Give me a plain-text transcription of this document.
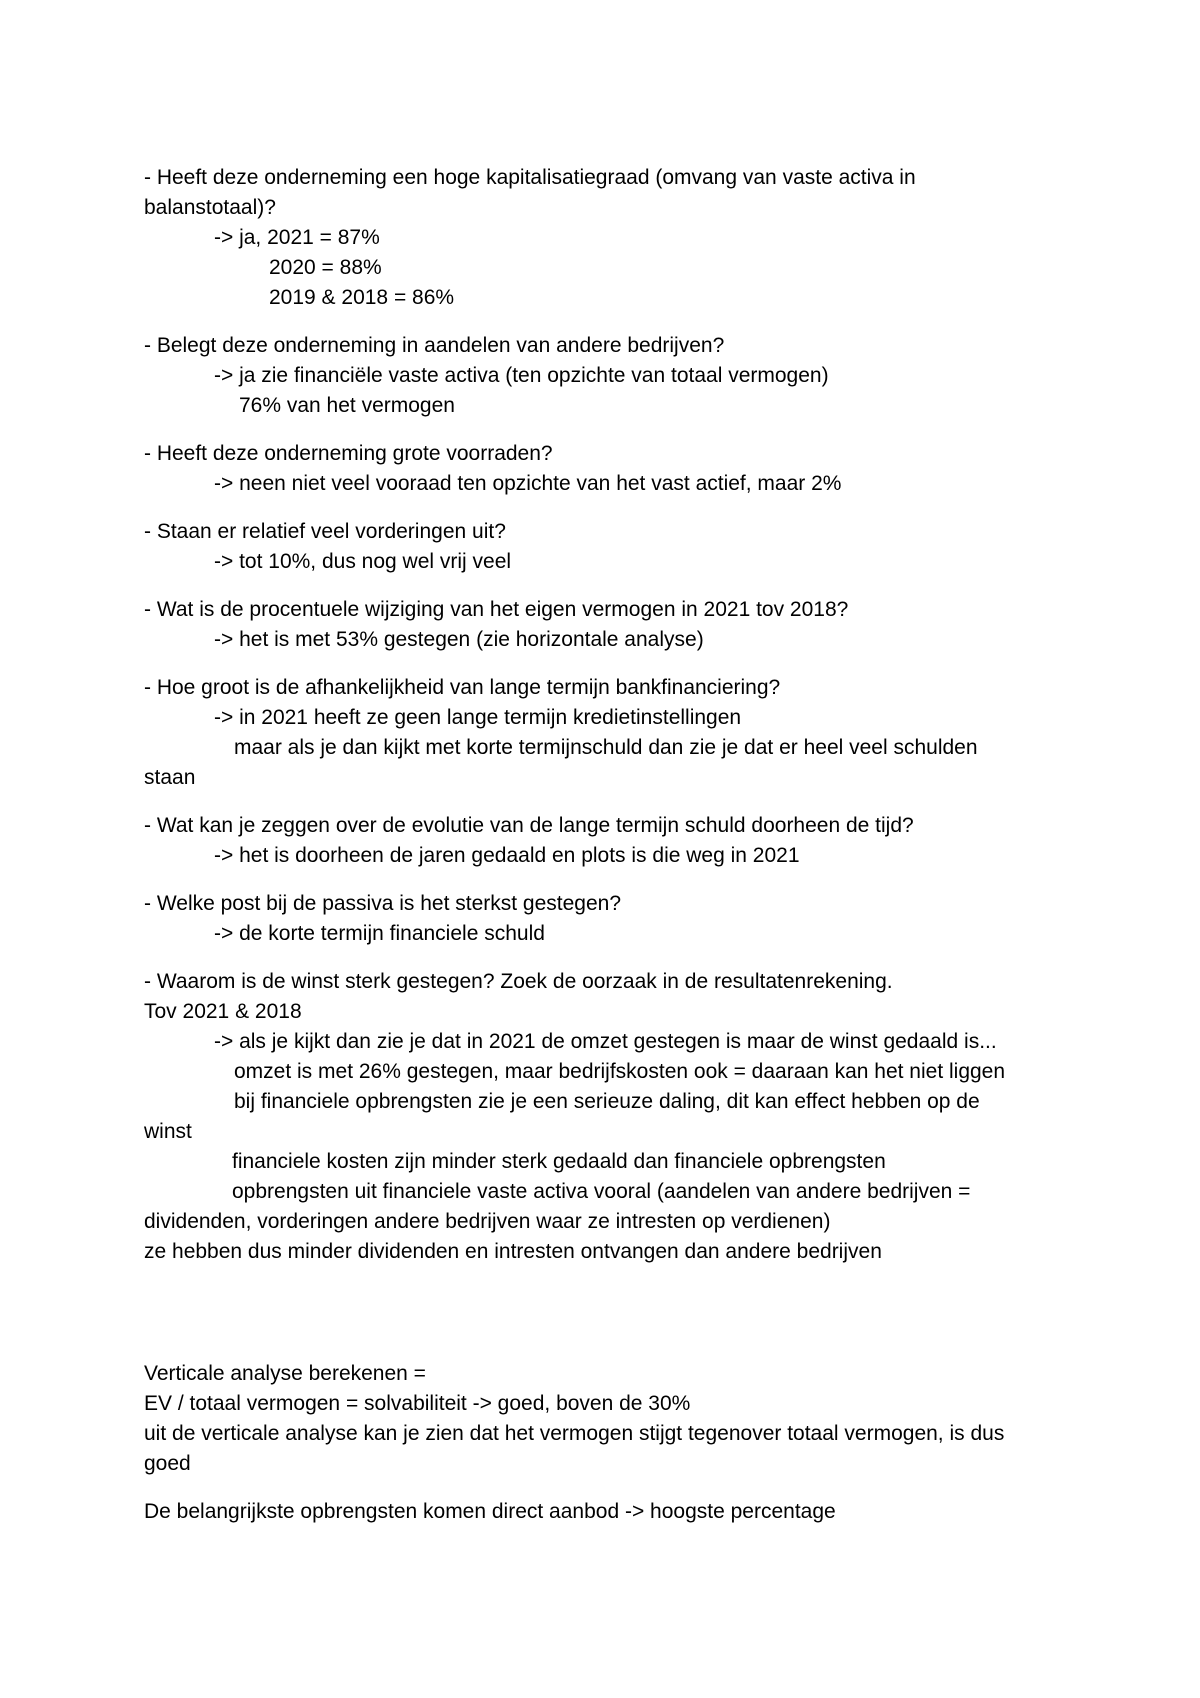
- Heeft deze onderneming een hoge kapitalisatiegraad (omvang van vaste activa in
balanstotaal)?
-> ja, 2021 = 87%
2020 = 88%
2019 & 2018 = 86%
- Belegt deze onderneming in aandelen van andere bedrijven?
-> ja zie financiële vaste activa (ten opzichte van totaal vermogen)
76% van het vermogen
- Heeft deze onderneming grote voorraden?
-> neen niet veel vooraad ten opzichte van het vast actief, maar 2%
- Staan er relatief veel vorderingen uit?
-> tot 10%, dus nog wel vrij veel
- Wat is de procentuele wijziging van het eigen vermogen in 2021 tov 2018?
-> het is met 53% gestegen (zie horizontale analyse)
- Hoe groot is de afhankelijkheid van lange termijn bankfinanciering?
-> in 2021 heeft ze geen lange termijn kredietinstellingen
maar als je dan kijkt met korte termijnschuld dan zie je dat er heel veel schulden
staan
- Wat kan je zeggen over de evolutie van de lange termijn schuld doorheen de tijd?
-> het is doorheen de jaren gedaald en plots is die weg in 2021
- Welke post bij de passiva is het sterkst gestegen?
-> de korte termijn financiele schuld
- Waarom is de winst sterk gestegen? Zoek de oorzaak in de resultatenrekening.
Tov 2021 & 2018
-> als je kijkt dan zie je dat in 2021 de omzet gestegen is maar de winst gedaald is...
omzet is met 26% gestegen, maar bedrijfskosten ook = daaraan kan het niet liggen
bij financiele opbrengsten zie je een serieuze daling, dit kan effect hebben op de
winst
financiele kosten zijn minder sterk gedaald dan financiele opbrengsten
opbrengsten uit financiele vaste activa vooral (aandelen van andere bedrijven =
dividenden, vorderingen andere bedrijven waar ze intresten op verdienen)
ze hebben dus minder dividenden en intresten ontvangen dan andere bedrijven
Verticale analyse berekenen =
EV / totaal vermogen = solvabiliteit -> goed, boven de 30%
uit de verticale analyse kan je zien dat het vermogen stijgt tegenover totaal vermogen, is dus
goed
De belangrijkste opbrengsten komen direct aanbod -> hoogste percentage
